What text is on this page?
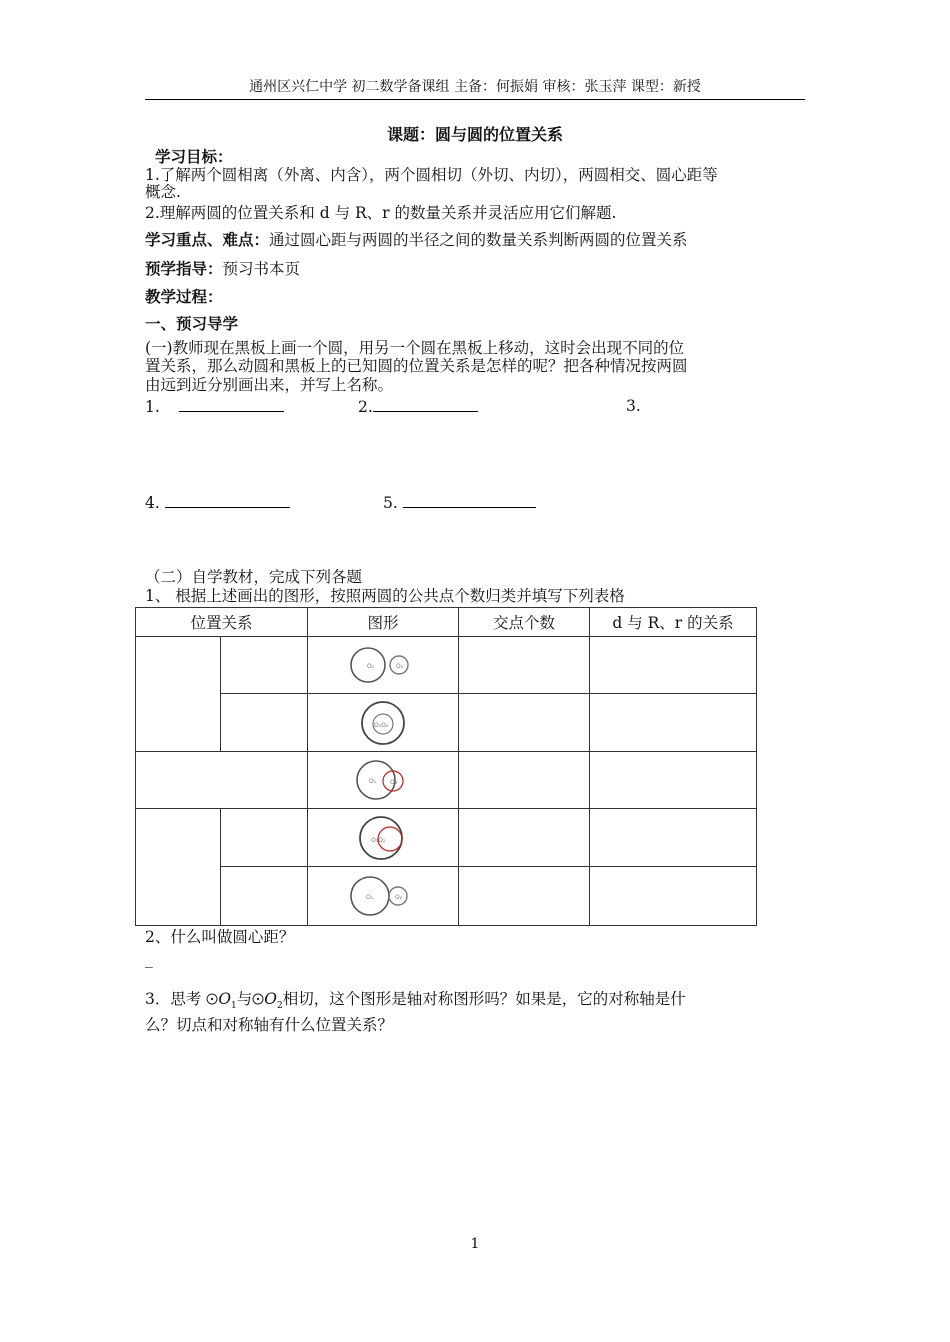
通州区兴仁中学 初二数学备课组 主备：何振娟 审核：张玉萍 课型：新授
课题：圆与圆的位置关系
学习目标：
1.了解两个圆相离（外离、内含），两个圆相切（外切、内切），两圆相交、圆心距等
概念.
2.理解两圆的位置关系和 d 与 R、r 的数量关系并灵活应用它们解题.
学习重点、难点：通过圆心距与两圆的半径之间的数量关系判断两圆的位置关系
预学指导：预习书本页
教学过程：
一、预习导学
(一)教师现在黑板上画一个圆，用另一个圆在黑板上移动，这时会出现不同的位
置关系，那么动圆和黑板上的已知圆的位置关系是怎样的呢？把各种情况按两圆
由远到近分别画出来，并写上名称。
1.	2.	3.
4.	5.
（二）自学教材，完成下列各题
1、 根据上述画出的图形，按照两圆的公共点个数归类并填写下列表格
位置关系		图形	交点个数	d 与 R、r 的关系

O₁ O₂		

O₁O₂		

O₁ O₂		

O₁O₂		

O₁ O₂		

2、什么叫做圆心距？
_
3．思考 $O_1$与 $O_2$相切，这个图形是轴对称图形吗？如果是，它的对称轴是什
么？切点和对称轴有什么位置关系？
1
